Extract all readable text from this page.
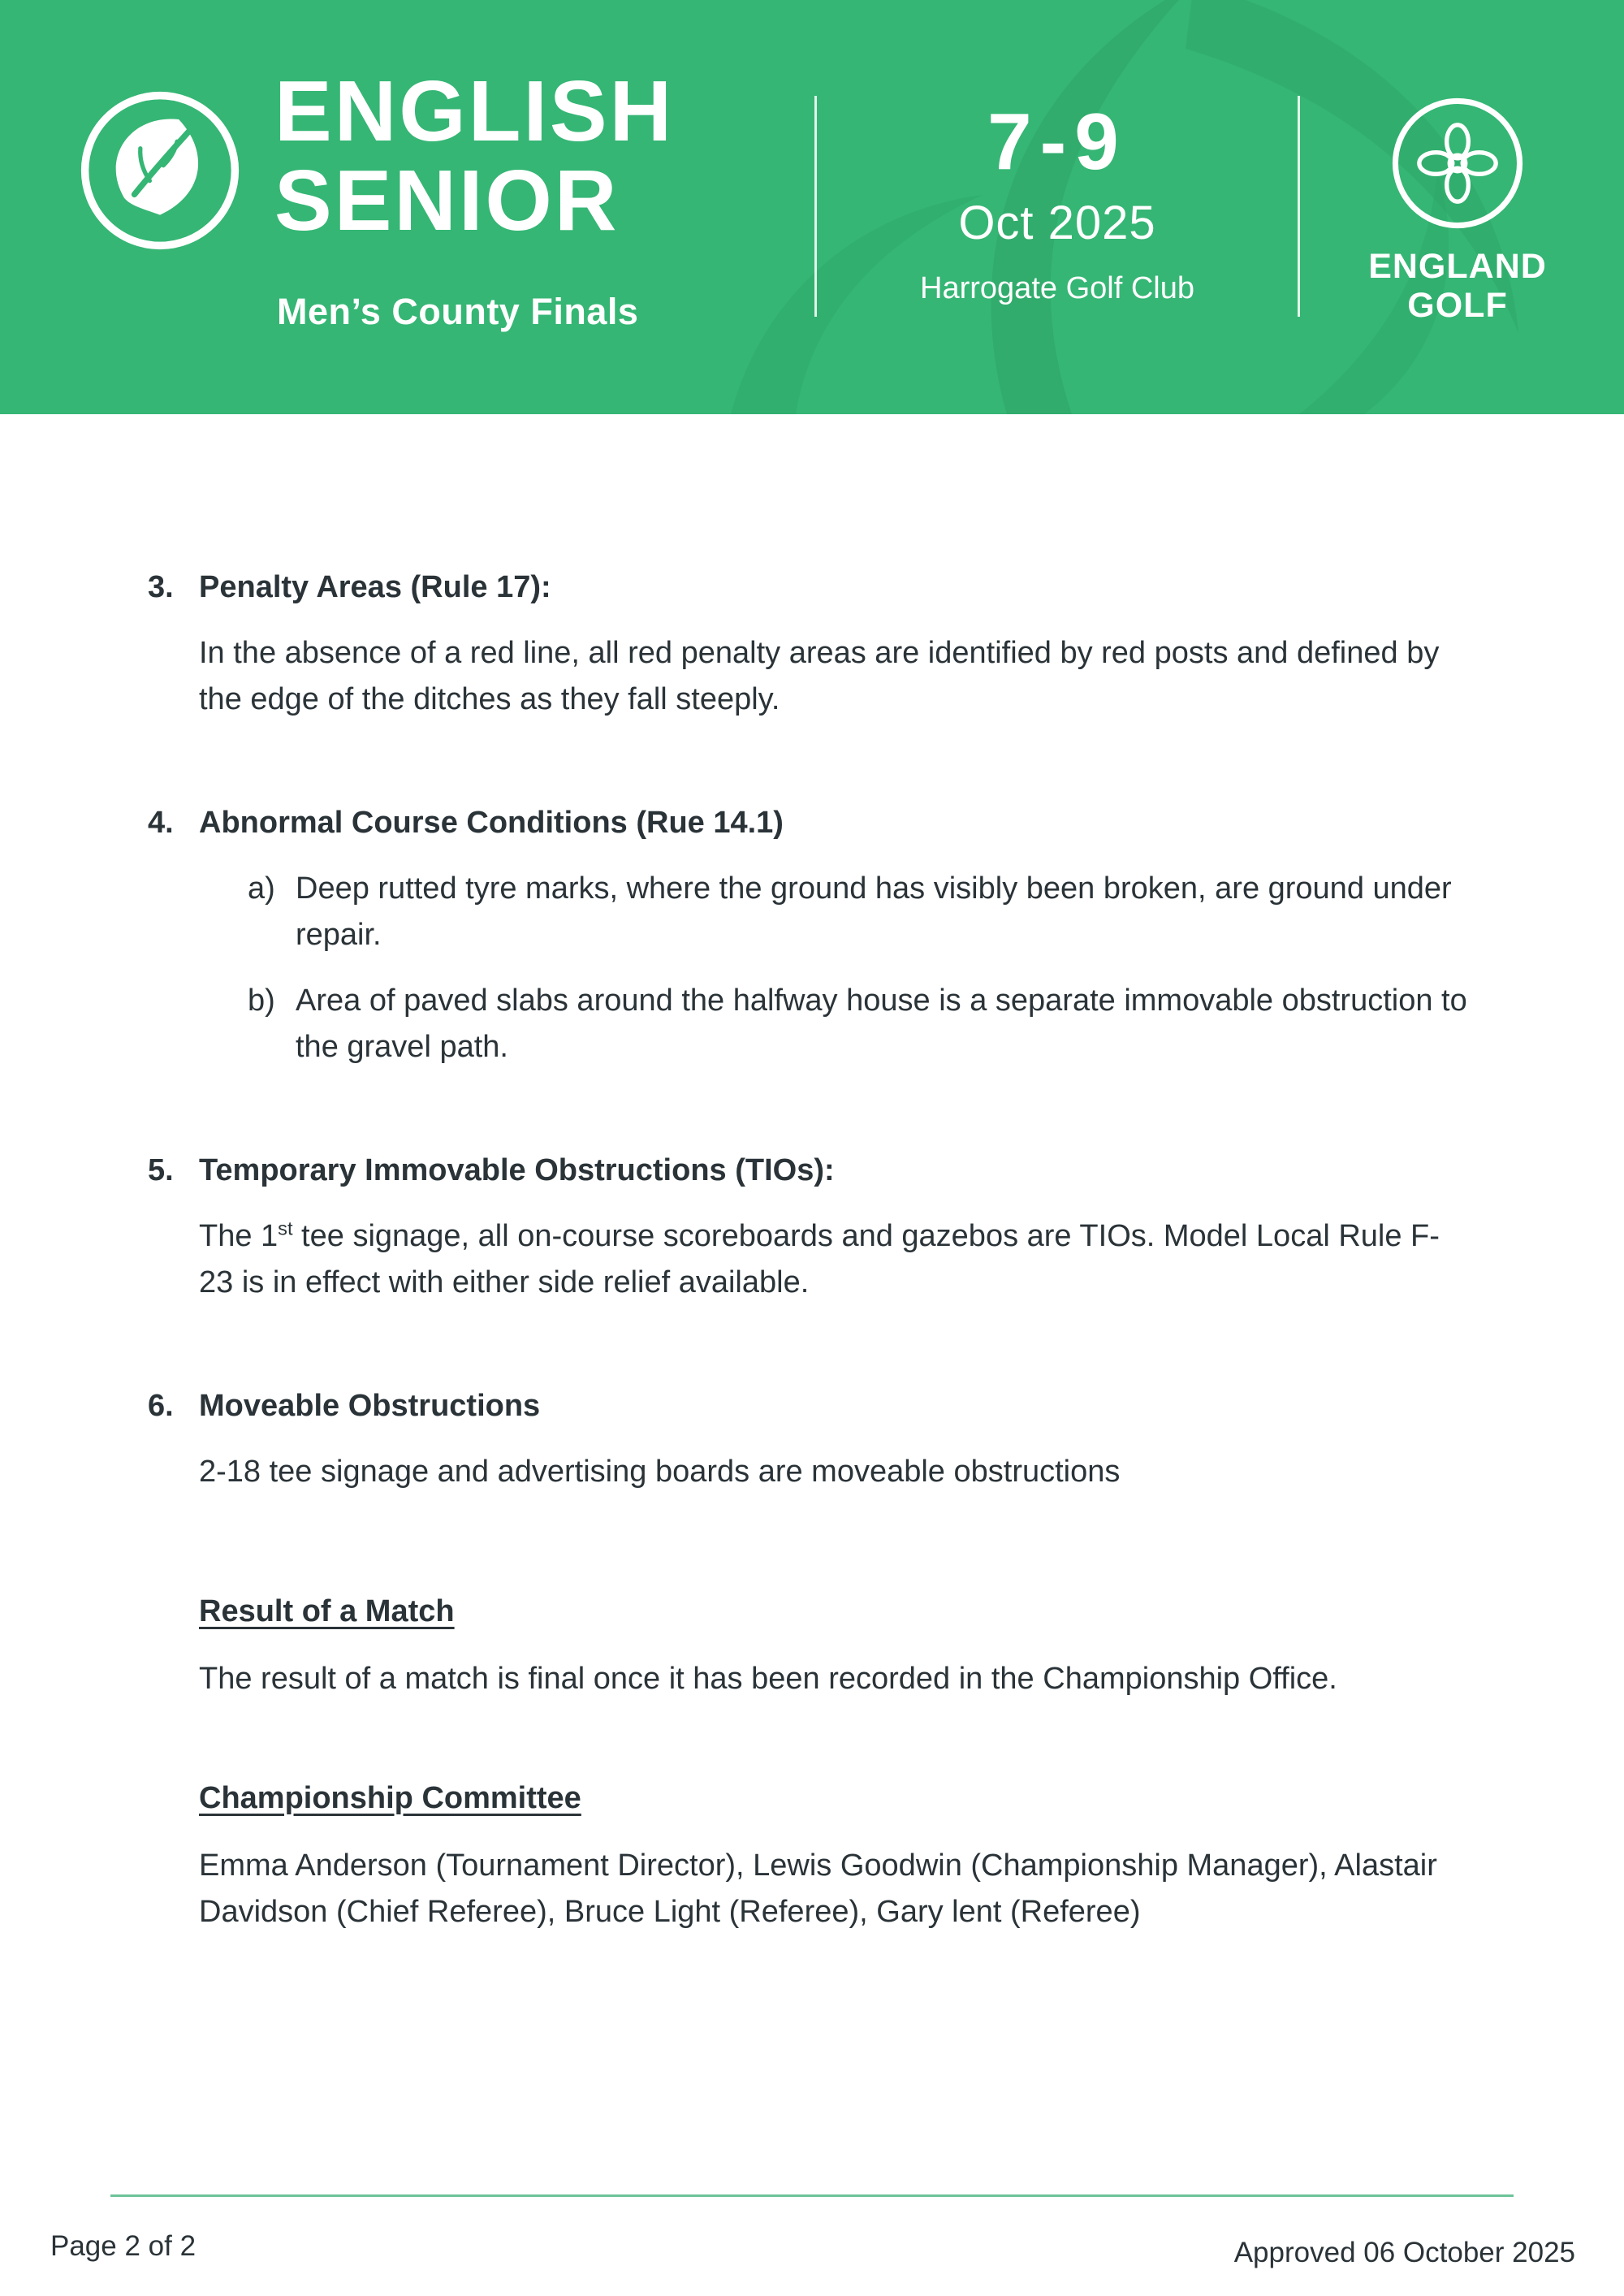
ENGLISH
SENIOR
Men’s County Finals
7-9
Oct 2025
Harrogate Golf Club
ENGLAND
GOLF
3. Penalty Areas (Rule 17):

In the absence of a red line, all red penalty areas are identified by red posts and defined by the edge of the ditches as they fall steeply.

4. Abnormal Course Conditions (Rue 14.1)
a) Deep rutted tyre marks, where the ground has visibly been broken, are ground under repair.
b) Area of paved slabs around the halfway house is a separate immovable obstruction to the gravel path.
5. Temporary Immovable Obstructions (TIOs):

The 1st tee signage, all on-course scoreboards and gazebos are TIOs. Model Local Rule F-23 is in effect with either side relief available.

6. Moveable Obstructions

2-18 tee signage and advertising boards are moveable obstructions

Result of a Match

The result of a match is final once it has been recorded in the Championship Office.

Championship Committee

Emma Anderson (Tournament Director), Lewis Goodwin (Championship Manager), Alastair Davidson (Chief Referee), Bruce Light (Referee), Gary lent (Referee)

Page 2 of 2	Approved 06 October 2025
